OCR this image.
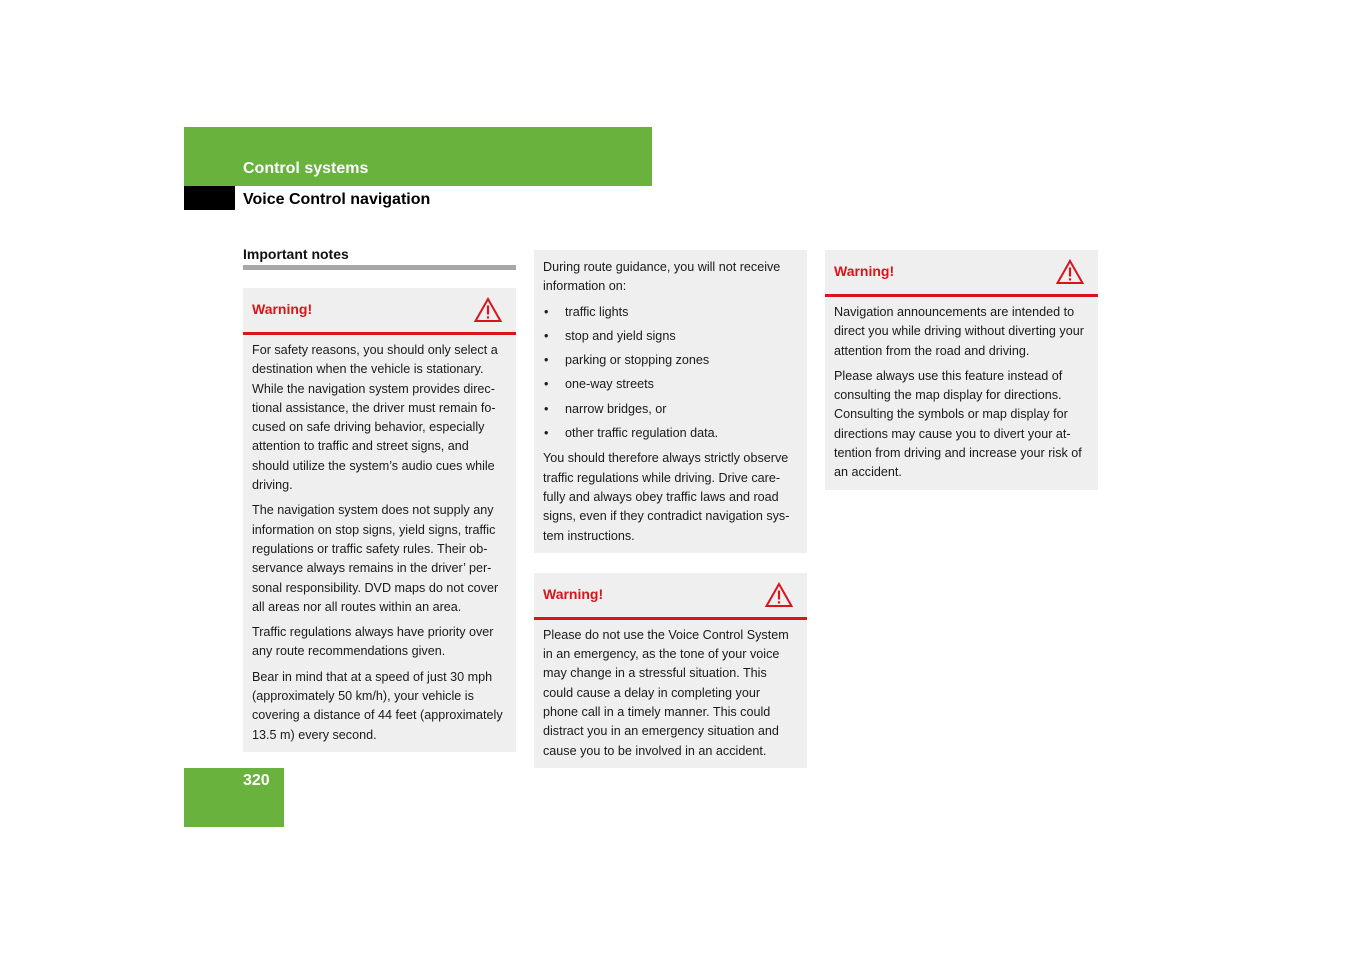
Control systems
Voice Control navigation
Important notes
Warning!

For safety reasons, you should only select a destination when the vehicle is stationary. While the navigation system provides direc-tional assistance, the driver must remain fo-cused on safe driving behavior, especially attention to traffic and street signs, and should utilize the system’s audio cues while driving.

The navigation system does not supply any information on stop signs, yield signs, traffic regulations or traffic safety rules. Their ob-servance always remains in the driver’ per-sonal responsibility. DVD maps do not cover all areas nor all routes within an area.

Traffic regulations always have priority over any route recommendations given.

Bear in mind that at a speed of just 30 mph (approximately 50 km/h), your vehicle is covering a distance of 44 feet (approximately 13.5 m) every second.

During route guidance, you will not receive information on:

• traffic lights
• stop and yield signs
• parking or stopping zones
• one-way streets
• narrow bridges, or
• other traffic regulation data.

You should therefore always strictly observe traffic regulations while driving. Drive care-fully and always obey traffic laws and road signs, even if they contradict navigation sys-tem instructions.

Warning!

Please do not use the Voice Control System in an emergency, as the tone of your voice may change in a stressful situation. This could cause a delay in completing your phone call in a timely manner. This could distract you in an emergency situation and cause you to be involved in an accident.

Warning!

Navigation announcements are intended to direct you while driving without diverting your attention from the road and driving.

Please always use this feature instead of consulting the map display for directions. Consulting the symbols or map display for directions may cause you to divert your at-tention from driving and increase your risk of an accident.

320
